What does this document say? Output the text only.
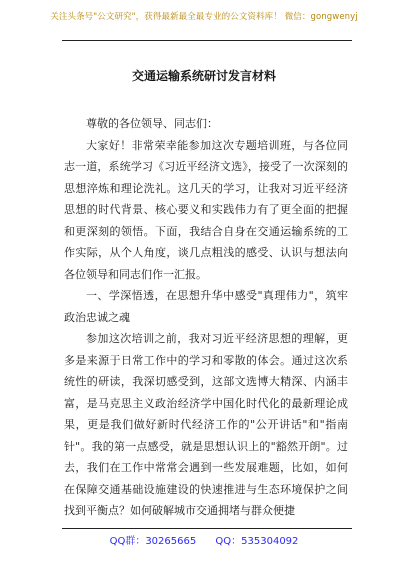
关注头条号"公文研究"，获得最新最全最专业的公文资料库！ 微信：gongwenyj
交通运输系统研讨发言材料

尊敬的各位领导、同志们：

大家好！非常荣幸能参加这次专题培训班，与各位同志一道，系统学习《习近平经济文选》，接受了一次深刻的思想淬炼和理论洗礼。这几天的学习，让我对习近平经济思想的时代背景、核心要义和实践伟力有了更全面的把握和更深刻的领悟。下面，我结合自身在交通运输系统的工作实际，从个人角度，谈几点粗浅的感受、认识与想法向各位领导和同志们作一汇报。

一、学深悟透，在思想升华中感受"真理伟力"，筑牢政治忠诚之魂

参加这次培训之前，我对习近平经济思想的理解，更多是来源于日常工作中的学习和零散的体会。通过这次系统性的研读，我深切感受到，这部文选博大精深、内涵丰富，是马克思主义政治经济学中国化时代化的最新理论成果，更是我们做好新时代经济工作的"公开讲话"和"指南针"。我的第一点感受，就是思想认识上的"豁然开朗"。过去，我们在工作中常常会遇到一些发展难题，比如，如何在保障交通基础设施建设的快速推进与生态环境保护之间找到平衡点？如何破解城市交通拥堵与群众便捷

QQ群：30265665 QQ：535304092
